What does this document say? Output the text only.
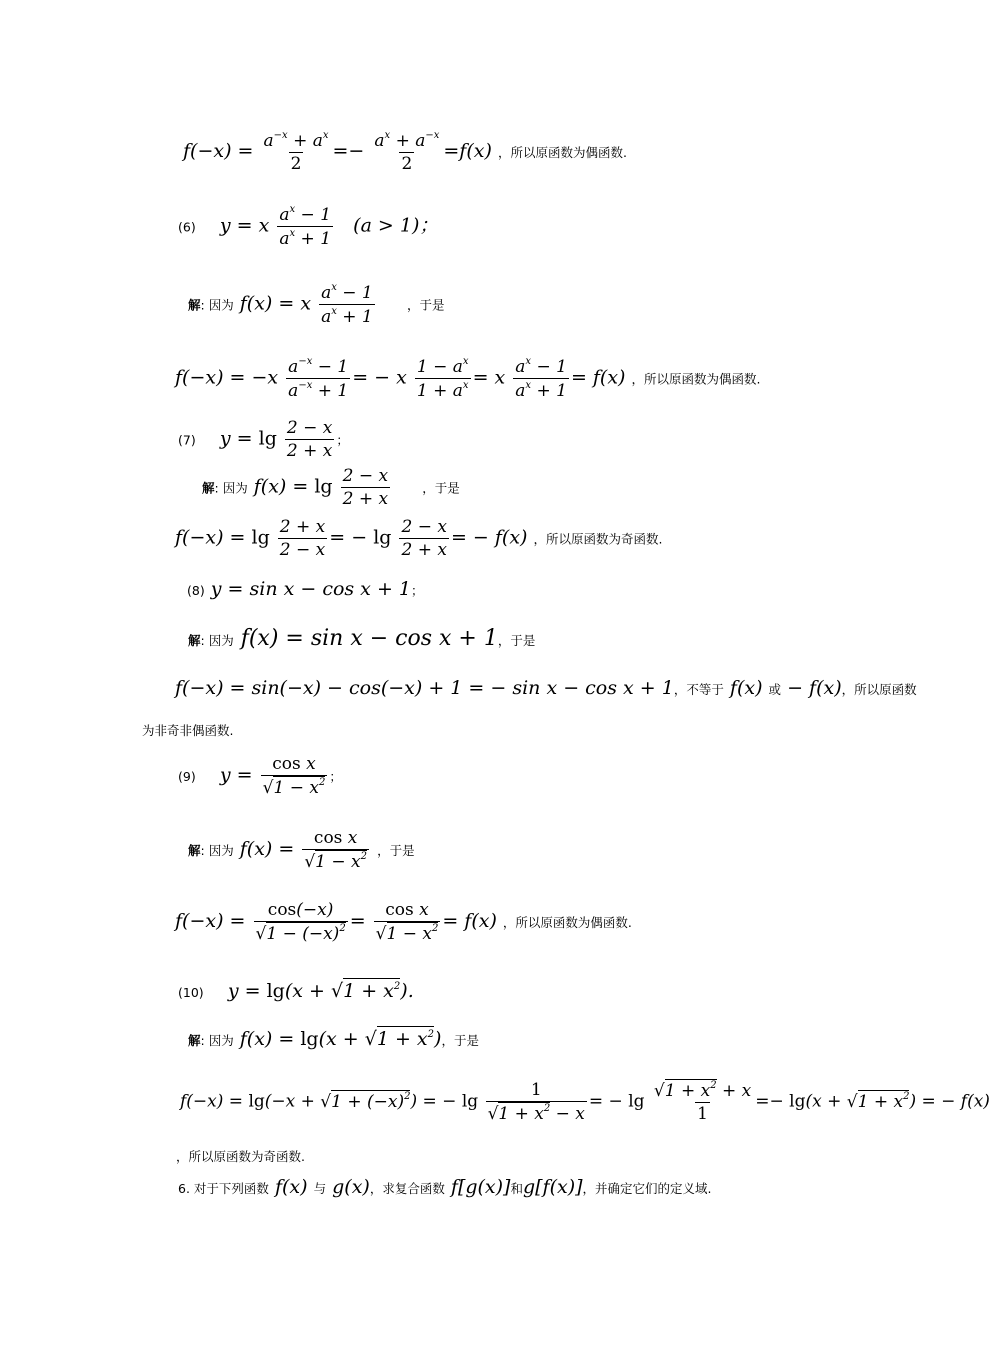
$f(-x) = \frac{a^{-x} + a^x}{2} =- \frac{a^x + a^{-x}}{2} =f(x)$ ，所以原函数为偶函数.
(6)    y = x $\frac{a^x - 1}{a^x + 1} (a > 1)$；
解: 因为 f(x) = x $\frac{a^x - 1}{a^x + 1}$	，于是
$f(-x) = -x \frac{a^{-x} - 1}{a^{-x} + 1}$ = − x $\frac{1 - a^x}{1 + a^x} = x \frac{a^x - 1}{a^x + 1} = f(x)$ ，所以原函数为偶函数.
(7)    $y = \lg \frac{2 - x}{2 + x}$ ；
解: 因为 $f(x) = \lg \frac{2 - x}{2 + x}$	，于是
$f(-x) = \lg \frac{2 + x}{2 - x}$ = − $\lg \frac{2 - x}{2 + x}$ = − f(x) ，所以原函数为奇函数.
(8) y = sin x − cos x + 1；
解: 因为 f(x) = sin x − cos x + 1，于是
f(−x) = sin(−x) − cos(−x) + 1 = − sin x − cos x + 1，不等于 f(x) 或 − f(x)，所以原函数
为非奇非偶函数.
(9)    $y = \frac{\text{cos x}}{√1 - x^2}$ ；
解: 因为 $f(x) = \frac{\text{cos x}}{√1 - x^2}$ ，于是
$f(-x) = \frac{\cos(-x)}{√1 - (-x)^2} = \frac{\text{cos x}}{√1 - x^2} = f(x)$ ，所以原函数为偶函数.
(10)    $y = \lg(x + √1 + x^2)$.
解: 因为 $f(x) = \lg(x + √1 + x^2)$，于是
$f(-x) = \lg(-x + √1 + (-x)^2)$ = − $\lg \frac{1}{√1 + x^2 - x}$ = − $\lg \frac{√1 + x^2 + x}{1} =- \lg(x + √1 + x^2)$ = − f(x)
，所以原函数为奇函数.
6. 对于下列函数 f(x) 与 g(x)，求复合函数 f[g(x)]和g[f(x)]，并确定它们的定义域.
